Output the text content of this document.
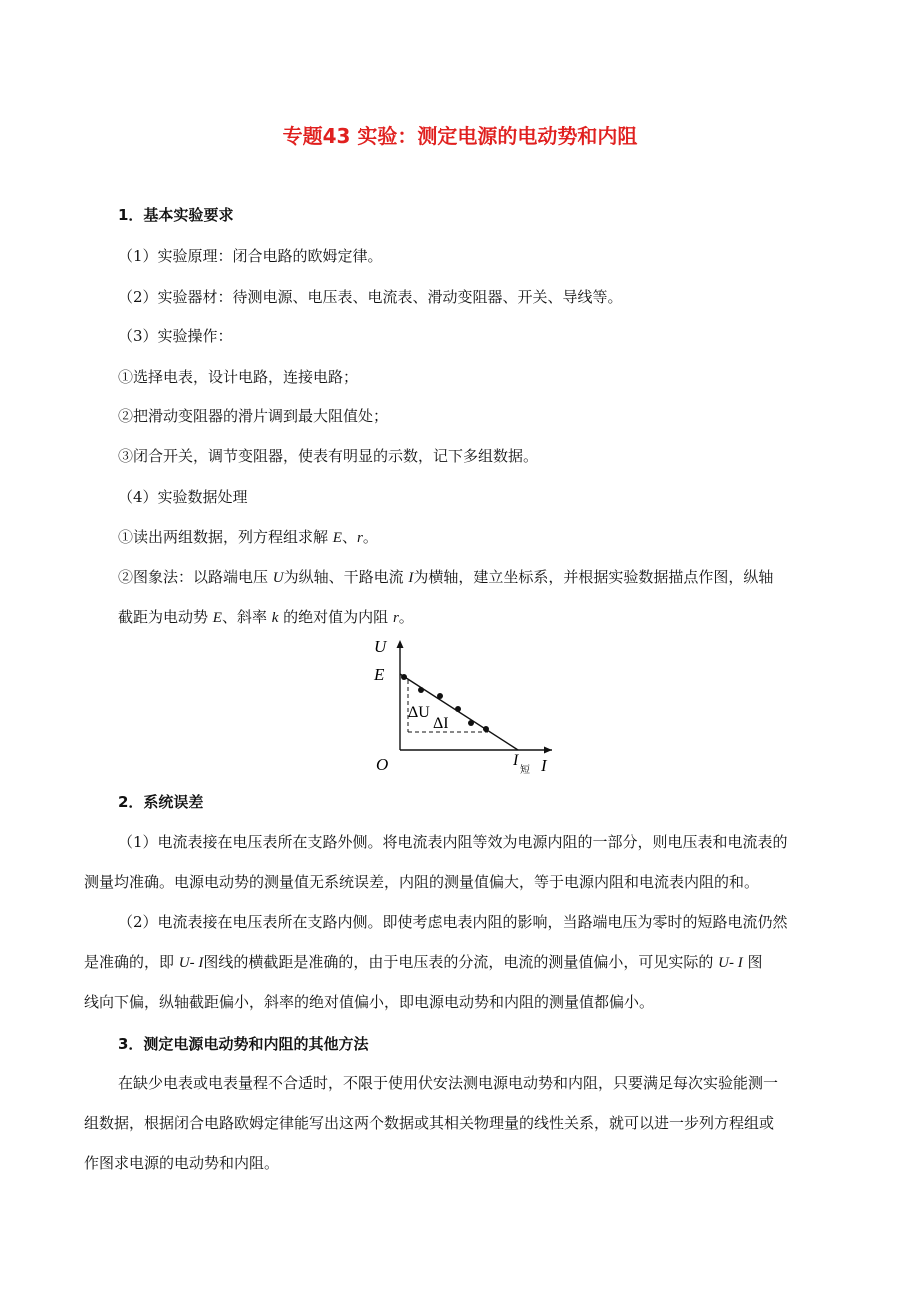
专题43 实验：测定电源的电动势和内阻
1．基本实验要求
（1）实验原理：闭合电路的欧姆定律。
（2）实验器材：待测电源、电压表、电流表、滑动变阻器、开关、导线等。
（3）实验操作：
①选择电表，设计电路，连接电路；
②把滑动变阻器的滑片调到最大阻值处；
③闭合开关，调节变阻器，使表有明显的示数，记下多组数据。
（4）实验数据处理
①读出两组数据，列方程组求解 E、r。
②图象法：以路端电压 U为纵轴、干路电流 I为横轴，建立坐标系，并根据实验数据描点作图，纵轴
截距为电动势 E、斜率 k 的绝对值为内阻 r。
U
E
O	I
短 I
ΔU
ΔI
2．系统误差
（1）电流表接在电压表所在支路外侧。将电流表内阻等效为电源内阻的一部分，则电压表和电流表的
测量均准确。电源电动势的测量值无系统误差，内阻的测量值偏大，等于电源内阻和电流表内阻的和。
（2）电流表接在电压表所在支路内侧。即使考虑电表内阻的影响，当路端电压为零时的短路电流仍然
是准确的，即 U- I图线的横截距是准确的，由于电压表的分流，电流的测量值偏小，可见实际的 U- I 图
线向下偏，纵轴截距偏小，斜率的绝对值偏小，即电源电动势和内阻的测量值都偏小。
3．测定电源电动势和内阻的其他方法
在缺少电表或电表量程不合适时，不限于使用伏安法测电源电动势和内阻，只要满足每次实验能测一
组数据，根据闭合电路欧姆定律能写出这两个数据或其相关物理量的线性关系，就可以进一步列方程组或
作图求电源的电动势和内阻。
